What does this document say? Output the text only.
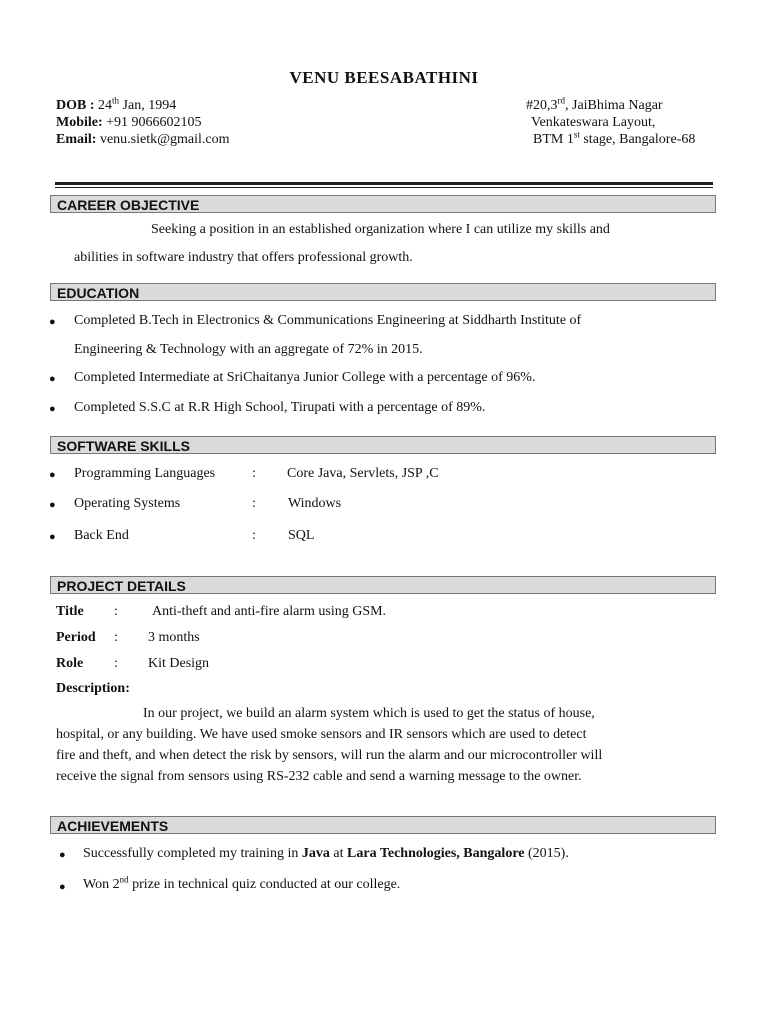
VENU BEESABATHINI
DOB : 24th Jan, 1994
Mobile: +91 9066602105
Email: venu.sietk@gmail.com
#20,3rd, JaiBhima Nagar
Venkateswara Layout,
BTM 1st stage, Bangalore-68
CAREER OBJECTIVE
Seeking a position in an established organization where I can utilize my skills and
abilities in software industry that offers professional growth.
EDUCATION
● Completed B.Tech in Electronics & Communications Engineering at Siddharth Institute of
Engineering & Technology with an aggregate of 72% in 2015.
● Completed Intermediate at SriChaitanya Junior College with a percentage of 96%.
● Completed S.S.C at R.R High School, Tirupati with a percentage of 89%.
SOFTWARE SKILLS
● Programming Languages	: Core Java, Servlets, JSP ,C
● Operating Systems	: Windows
● Back End	: SQL
PROJECT DETAILS
Title : Anti-theft and anti-fire alarm using GSM.
Period : 3 months
Role : Kit Design
Description:
In our project, we build an alarm system which is used to get the status of house,
hospital, or any building. We have used smoke sensors and IR sensors which are used to detect
fire and theft, and when detect the risk by sensors, will run the alarm and our microcontroller will
receive the signal from sensors using RS-232 cable and send a warning message to the owner.
ACHIEVEMENTS
● Successfully completed my training in Java at Lara Technologies, Bangalore (2015).
● Won 2nd prize in technical quiz conducted at our college.
